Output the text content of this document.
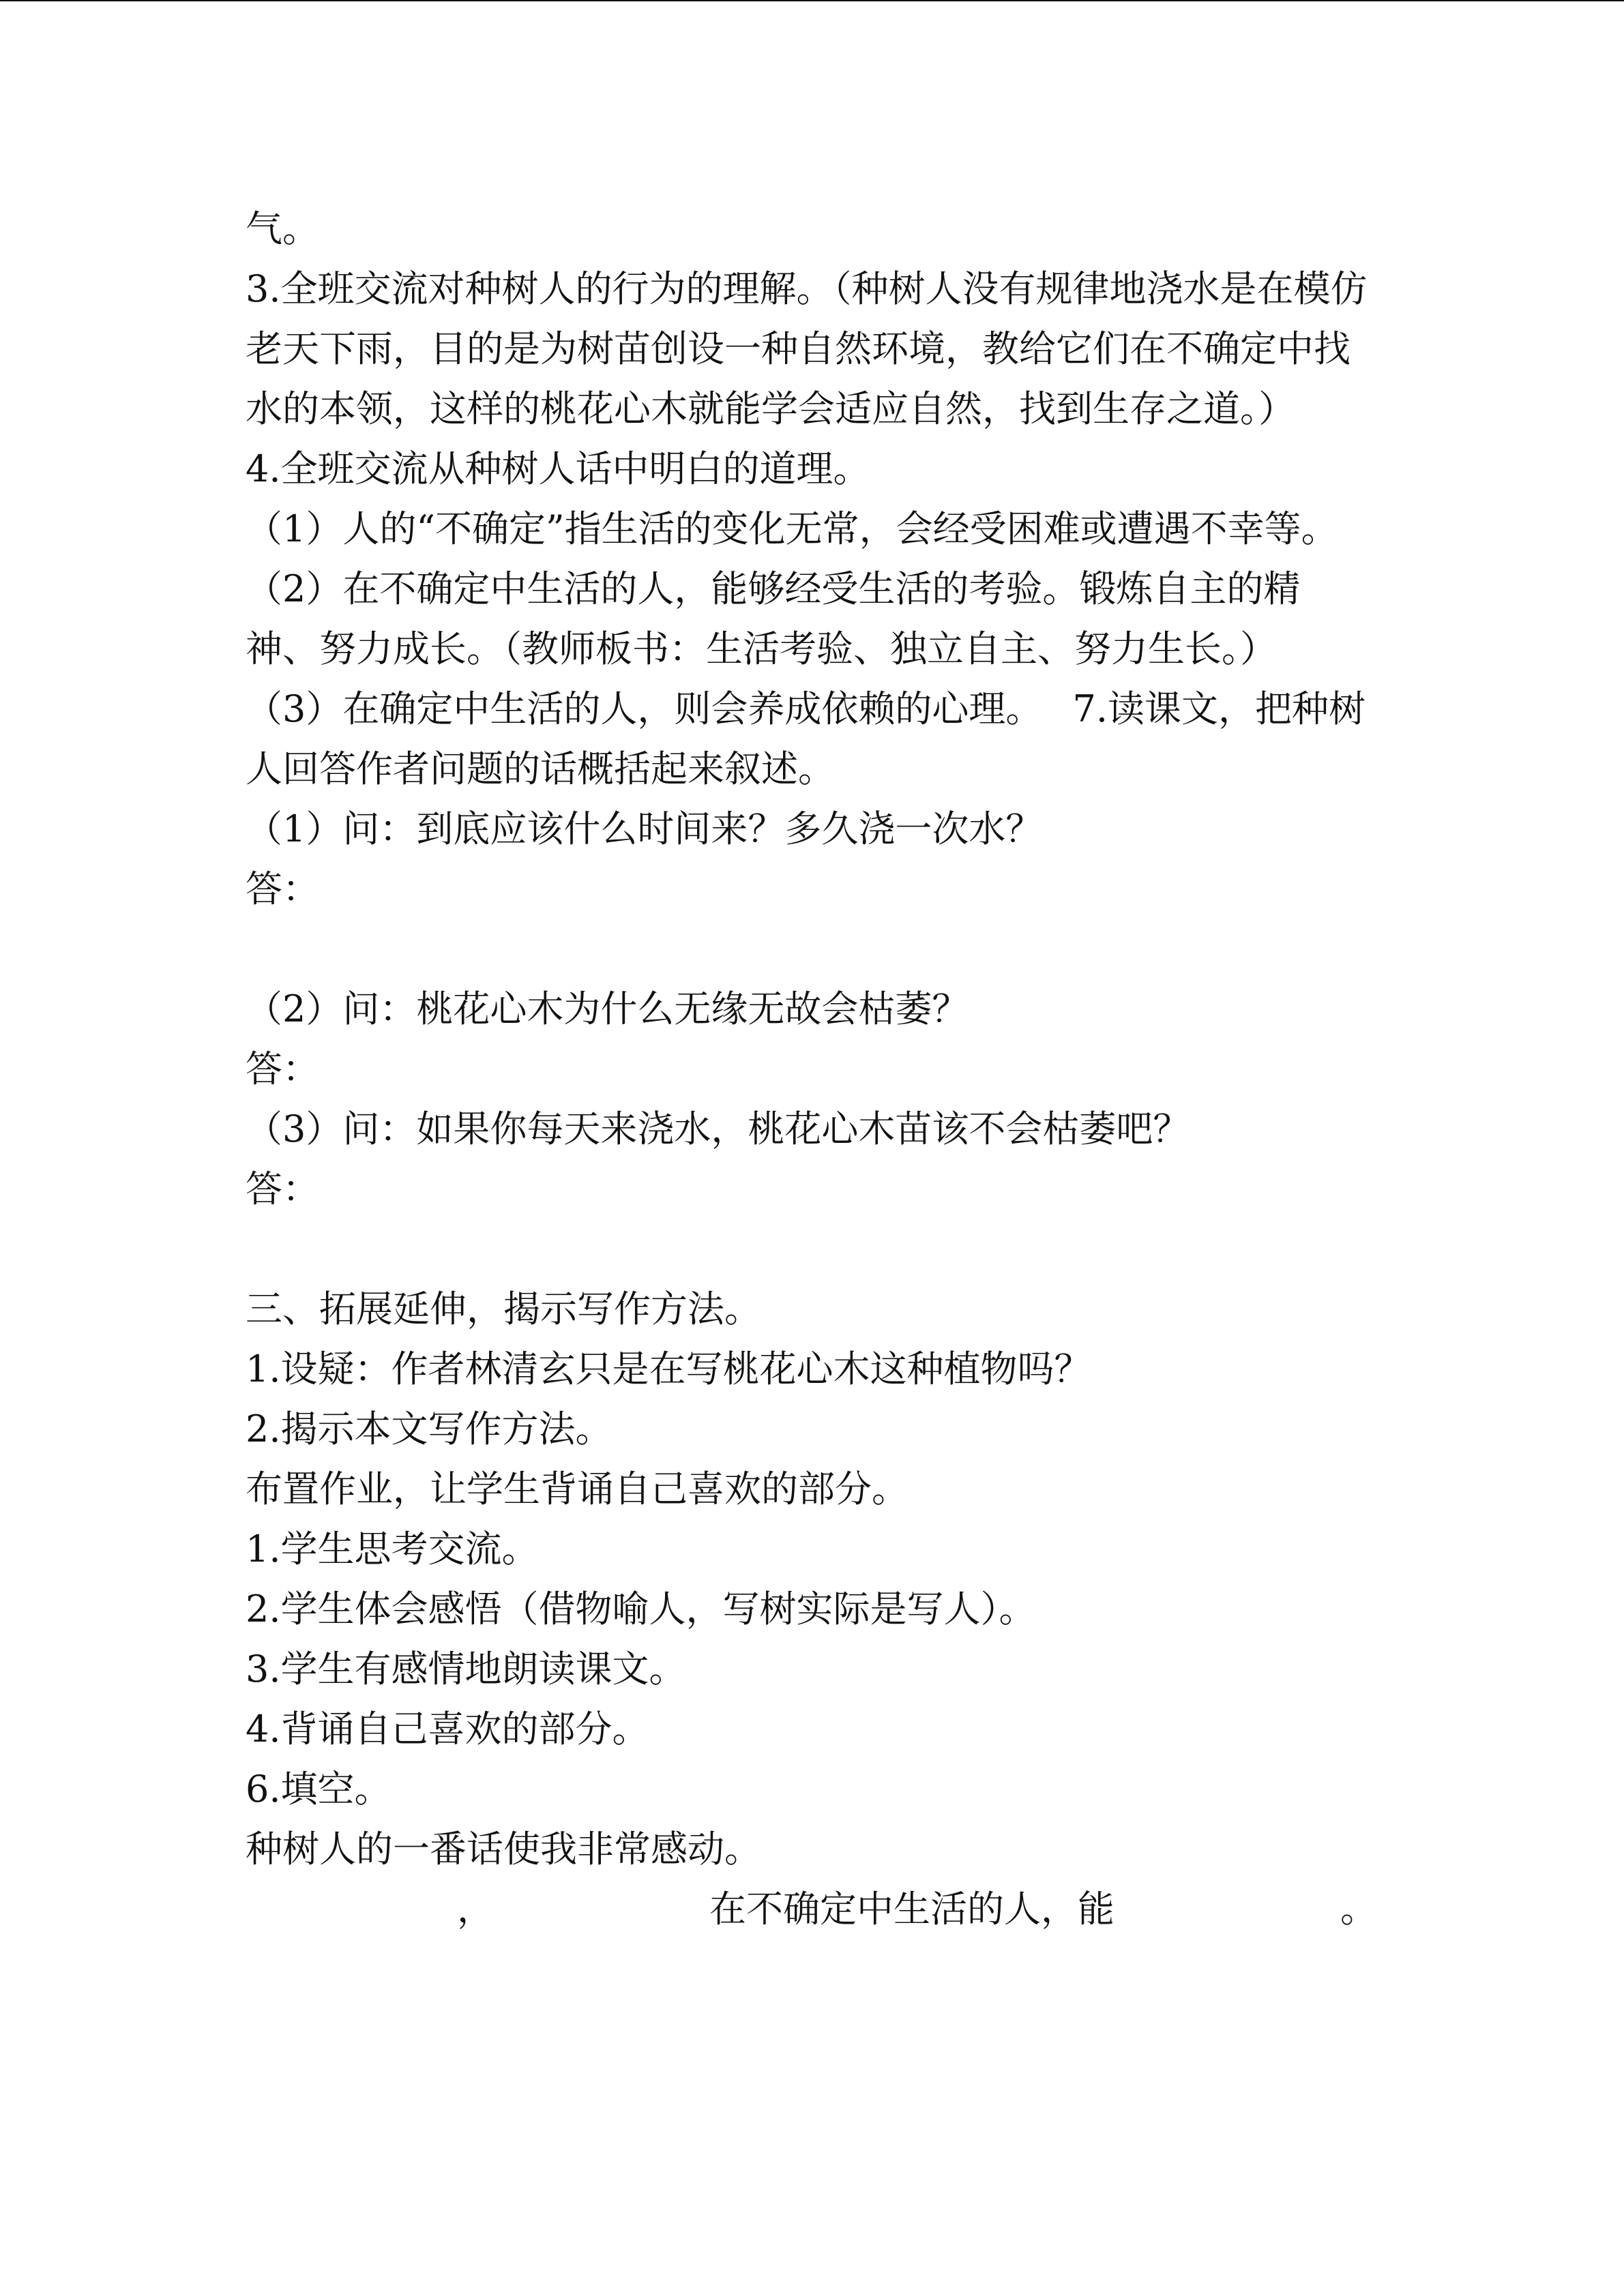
气。

3.全班交流对种树人的行为的理解。（种树人没有规律地浇水是在模仿老天下雨，目的是为树苗创设一种自然环境，教给它们在不确定中找水的本领，这样的桃花心木就能学会适应自然，找到生存之道。）

4.全班交流从种树人话中明白的道理。

（1）人的“不确定”指生活的变化无常，会经受困难或遭遇不幸等。

（2）在不确定中生活的人，能够经受生活的考验。锻炼自主的精神、努力成长。（教师板书：生活考验、独立自主、努力生长。）

（3）在确定中生活的人，则会养成依赖的心理。　 7.读课文，把种树人回答作者问题的话概括起来叙述。

（1）问：到底应该什么时间来？多久浇一次水？

答：

（2）问：桃花心木为什么无缘无故会枯萎？

答：

（3）问：如果你每天来浇水，桃花心木苗该不会枯萎吧？

答：

三、拓展延伸，揭示写作方法。

1.设疑：作者林清玄只是在写桃花心木这种植物吗？

2.揭示本文写作方法。

布置作业，让学生背诵自己喜欢的部分。

1.学生思考交流。

2.学生体会感悟（借物喻人，写树实际是写人）。

3.学生有感情地朗读课文。

4.背诵自己喜欢的部分。

6.填空。

种树人的一番话使我非常感动。

，	在不确定中生活的人，能	。
